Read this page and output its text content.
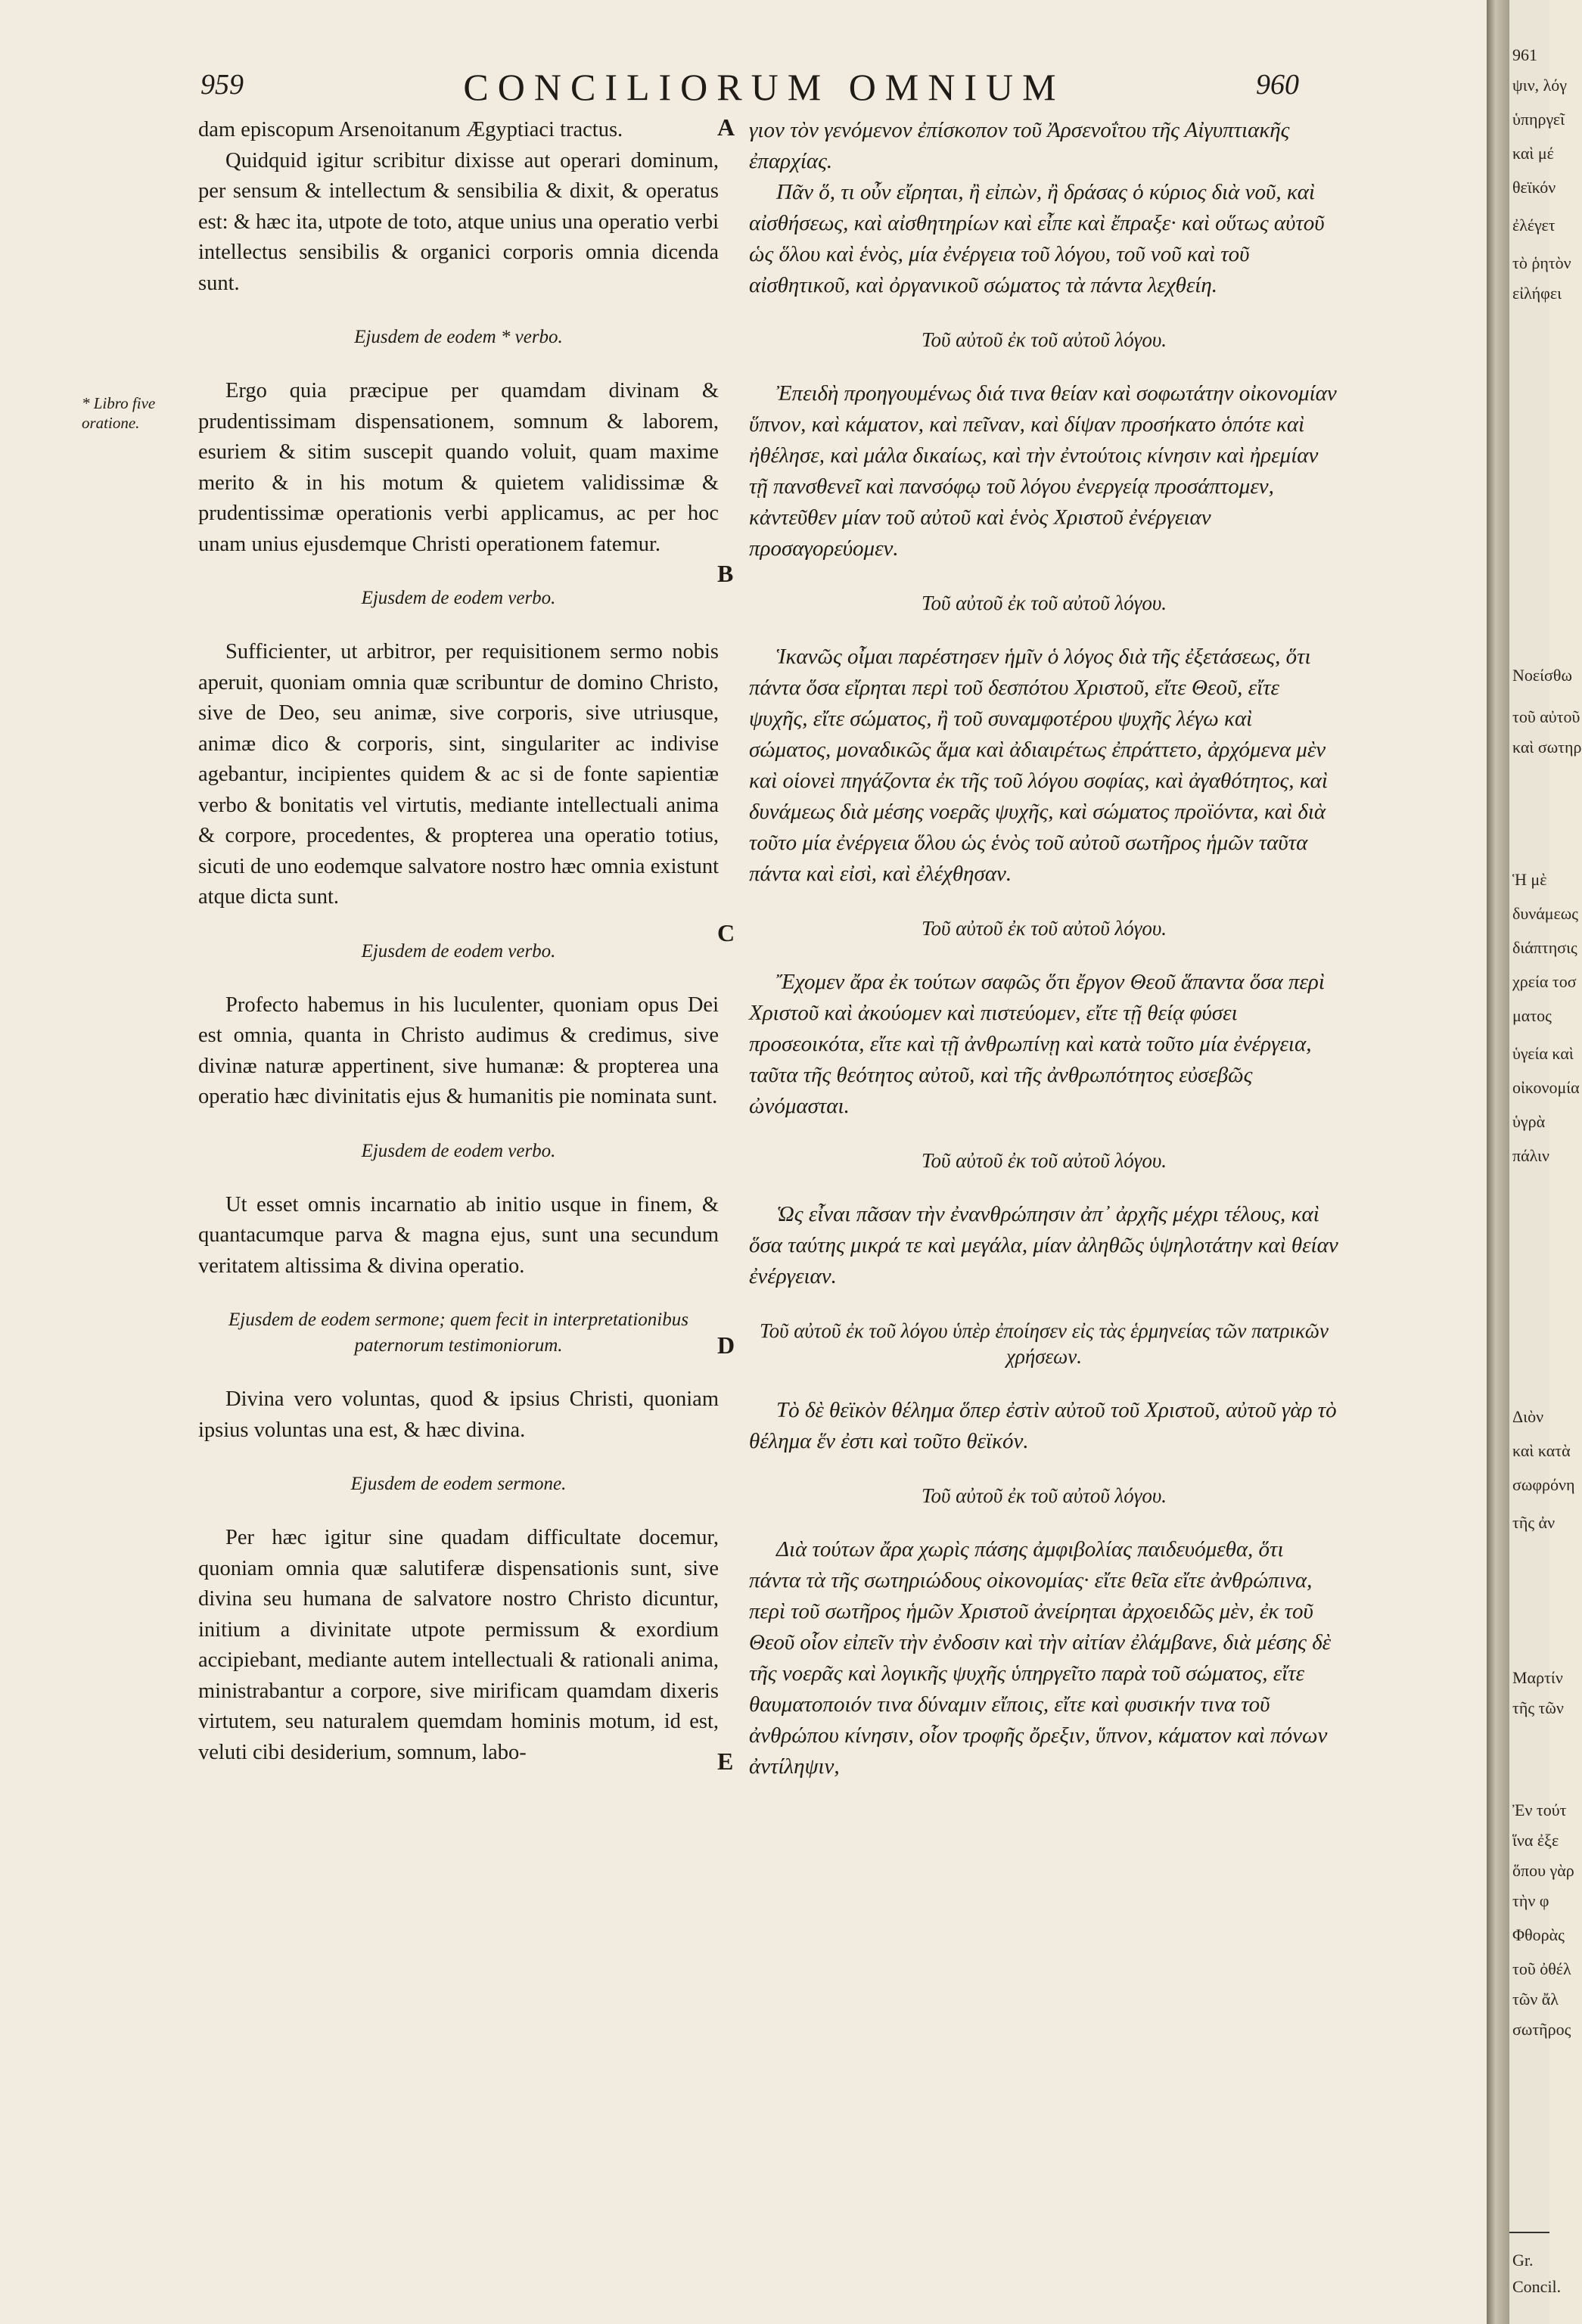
959	CONCILIORUM OMNIUM	960
* Libro five oratione.

dam episcopum Arsenoitanum Ægyptiaci tractus.

Quidquid igitur scribitur dixisse aut operari dominum, per sensum & intellectum & sensibilia & dixit, & operatus est: & hæc ita, utpote de toto, atque unius una operatio verbi intellectus sensibilis & organici corporis omnia dicenda sunt.

Ejusdem de eodem * verbo.

Ergo quia præcipue per quamdam divinam & prudentissimam dispensationem, somnum & laborem, esuriem & sitim suscepit quando voluit, quam maxime merito & in his motum & quietem validissimæ & prudentissimæ operationis verbi applicamus, ac per hoc unam unius ejusdemque Christi operationem fatemur.

Ejusdem de eodem verbo.

Sufficienter, ut arbitror, per requisitionem sermo nobis aperuit, quoniam omnia quæ scribuntur de domino Christo, sive de Deo, seu animæ, sive corporis, sive utriusque, animæ dico & corporis, sint, singulariter ac indivise agebantur, incipientes quidem & ac si de fonte sapientiæ verbo & bonitatis vel virtutis, mediante intellectuali anima & corpore, procedentes, & propterea una operatio totius, sicuti de uno eodemque salvatore nostro hæc omnia existunt atque dicta sunt.

Ejusdem de eodem verbo.

Profecto habemus in his luculenter, quoniam opus Dei est omnia, quanta in Christo audimus & credimus, sive divinæ naturæ appertinent, sive humanæ: & propterea una operatio hæc divinitatis ejus & humanitis pie nominata sunt.

Ejusdem de eodem verbo.

Ut esset omnis incarnatio ab initio usque in finem, & quantacumque parva & magna ejus, sunt una secundum veritatem altissima & divina operatio.

Ejusdem de eodem sermone; quem fecit in interpretationibus paternorum testimoniorum.

Divina vero voluntas, quod & ipsius Christi, quoniam ipsius voluntas una est, & hæc divina.

Ejusdem de eodem sermone.

Per hæc igitur sine quadam difficultate docemur, quoniam omnia quæ salutiferæ dispensationis sunt, sive divina seu humana de salvatore nostro Christo dicuntur, initium a divinitate utpote permissum & exordium accipiebant, mediante autem intellectuali & rationali anima, ministrabantur a corpore, sive mirificam quamdam dixeris virtutem, seu naturalem quemdam hominis motum, id est, veluti cibi desiderium, somnum, labo-

γιον τὸν γενόμενον ἐπίσκοπον τοῦ Ἀρσενοΐτου τῆς Αἰγυπτιακῆς ἐπαρχίας.

Πᾶν ὅ, τι οὖν εἴρηται, ἢ εἰπὼν, ἢ δράσας ὁ κύριος διὰ νοῦ, καὶ αἰσθήσεως, καὶ αἰσθητηρίων καὶ εἶπε καὶ ἔπραξε· καὶ οὕτως αὐτοῦ ὡς ὅλου καὶ ἑνὸς, μία ἐνέργεια τοῦ λόγου, τοῦ νοῦ καὶ τοῦ αἰσθητικοῦ, καὶ ὀργανικοῦ σώματος τὰ πάντα λεχθείη.

Τοῦ αὐτοῦ ἐκ τοῦ αὐτοῦ λόγου.

Ἐπειδὴ προηγουμένως διά τινα θείαν καὶ σοφωτάτην οἰκονομίαν ὕπνον, καὶ κάματον, καὶ πεῖναν, καὶ δίψαν προσήκατο ὁπότε καὶ ἠθέλησε, καὶ μάλα δικαίως, καὶ τὴν ἐντούτοις κίνησιν καὶ ἠρεμίαν τῇ πανσθενεῖ καὶ πανσόφῳ τοῦ λόγου ἐνεργείᾳ προσάπτομεν, κἀντεῦθεν μίαν τοῦ αὐτοῦ καὶ ἑνὸς Χριστοῦ ἐνέργειαν προσαγορεύομεν.

Τοῦ αὐτοῦ ἐκ τοῦ αὐτοῦ λόγου.

Ἱκανῶς οἶμαι παρέστησεν ἡμῖν ὁ λόγος διὰ τῆς ἐξετάσεως, ὅτι πάντα ὅσα εἴρηται περὶ τοῦ δεσπότου Χριστοῦ, εἴτε Θεοῦ, εἴτε ψυχῆς, εἴτε σώματος, ἢ τοῦ συναμφοτέρου ψυχῆς λέγω καὶ σώματος, μοναδικῶς ἅμα καὶ ἀδιαιρέτως ἐπράττετο, ἀρχόμενα μὲν καὶ οἱονεὶ πηγάζοντα ἐκ τῆς τοῦ λόγου σοφίας, καὶ ἀγαθότητος, καὶ δυνάμεως διὰ μέσης νοερᾶς ψυχῆς, καὶ σώματος προϊόντα, καὶ διὰ τοῦτο μία ἐνέργεια ὅλου ὡς ἑνὸς τοῦ αὐτοῦ σωτῆρος ἡμῶν ταῦτα πάντα καὶ εἰσὶ, καὶ ἐλέχθησαν.

Τοῦ αὐτοῦ ἐκ τοῦ αὐτοῦ λόγου.

Ἔχομεν ἄρα ἐκ τούτων σαφῶς ὅτι ἔργον Θεοῦ ἅπαντα ὅσα περὶ Χριστοῦ καὶ ἀκούομεν καὶ πιστεύομεν, εἴτε τῇ θείᾳ φύσει προσεοικότα, εἴτε καὶ τῇ ἀνθρωπίνῃ καὶ κατὰ τοῦτο μία ἐνέργεια, ταῦτα τῆς θεότητος αὐτοῦ, καὶ τῆς ἀνθρωπότητος εὐσεβῶς ὠνόμασται.

Τοῦ αὐτοῦ ἐκ τοῦ αὐτοῦ λόγου.

Ὡς εἶναι πᾶσαν τὴν ἐνανθρώπησιν ἀπ᾽ ἀρχῆς μέχρι τέλους, καὶ ὅσα ταύτης μικρά τε καὶ μεγάλα, μίαν ἀληθῶς ὑψηλοτάτην καὶ θείαν ἐνέργειαν.

Τοῦ αὐτοῦ ἐκ τοῦ λόγου ὑπὲρ ἐποίησεν εἰς τὰς ἑρμηνείας τῶν πατρικῶν χρήσεων.

Τὸ δὲ θεϊκὸν θέλημα ὅπερ ἐστὶν αὐτοῦ τοῦ Χριστοῦ, αὐτοῦ γὰρ τὸ θέλημα ἕν ἐστι καὶ τοῦτο θεϊκόν.

Τοῦ αὐτοῦ ἐκ τοῦ αὐτοῦ λόγου.

Διὰ τούτων ἄρα χωρὶς πάσης ἀμφιβολίας παιδευόμεθα, ὅτι πάντα τὰ τῆς σωτηριώδους οἰκονομίας· εἴτε θεῖα εἴτε ἀνθρώπινα, περὶ τοῦ σωτῆρος ἡμῶν Χριστοῦ ἀνείρηται ἀρχοειδῶς μὲν, ἐκ τοῦ Θεοῦ οἷον εἰπεῖν τὴν ἐνδοσιν καὶ τὴν αἰτίαν ἐλάμβανε, διὰ μέσης δὲ τῆς νοερᾶς καὶ λογικῆς ψυχῆς ὑπηργεῖτο παρὰ τοῦ σώματος, εἴτε θαυματοποιόν τινα δύναμιν εἴποις, εἴτε καὶ φυσικήν τινα τοῦ ἀνθρώπου κίνησιν, οἷον τροφῆς ὄρεξιν, ὕπνον, κάματον καὶ πόνων ἀντίληψιν,

A
B
C
D
E
961
ψιν, λόγ
ὑπηργεῖ
καὶ μέ
θεϊκόν
ἐλέγετ
τὸ ῥητὸν
εἰλήφει
Νοείσθω
τοῦ αὐτοῦ
καὶ σωτηρ
Ἡ μὲ
δυνάμεως
διάπτησις
χρεία τοσ
ματος
ὑγεία καὶ
οἰκονομία
ὑγρὰ
πάλιν
Διὸν
καὶ κατὰ
σωφρόνη
τῆς ἀν
Μαρτίν
τῆς τῶν
Ἐν τούτ
ἵνα ἐξε
ὅπου γὰρ
τὴν φ
Φθορὰς
τοῦ ὀθέλ
τῶν ἄλ
σωτῆρος
Gr.
Concil.
